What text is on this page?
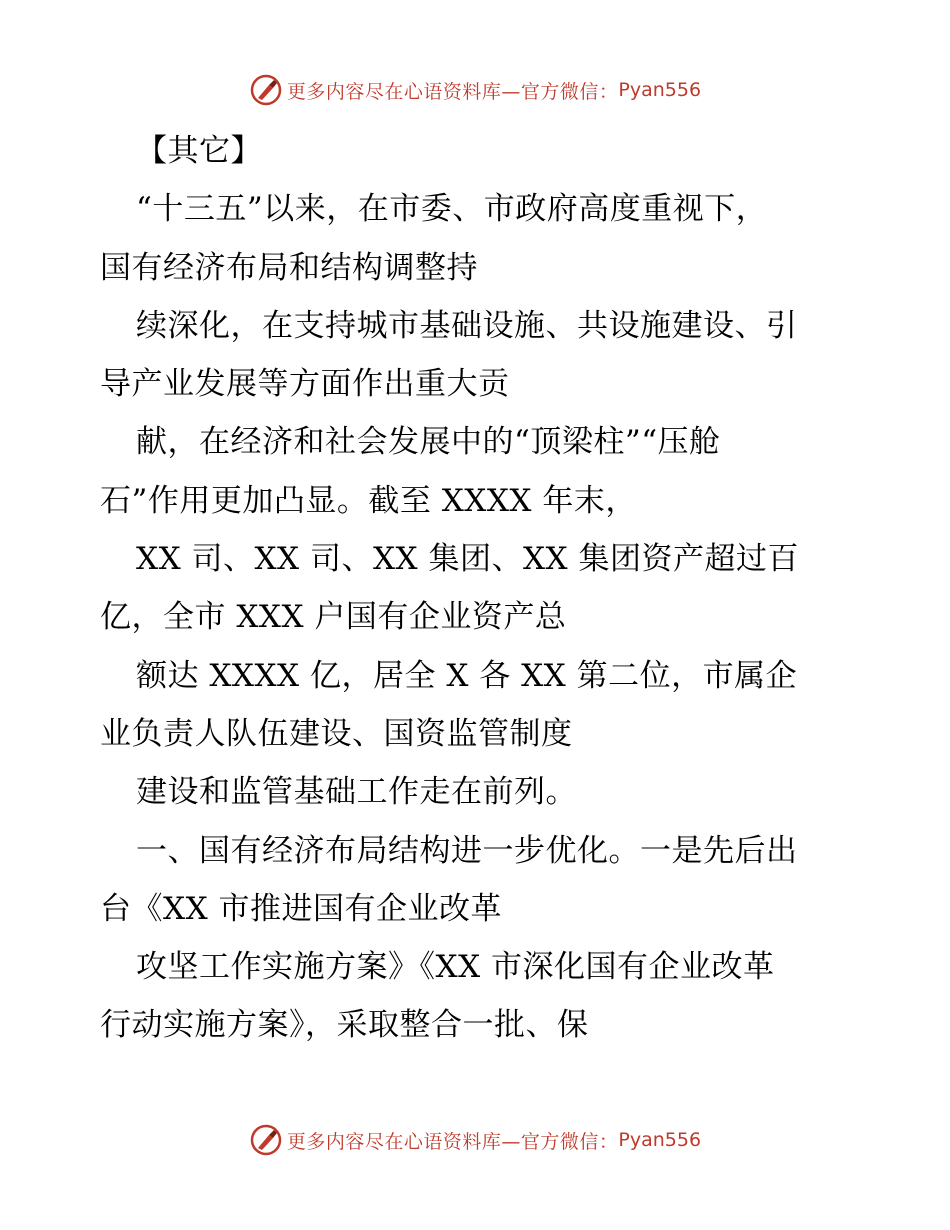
更多内容尽在心语资料库—官方微信： Pyan556
【其它】
“十三五”以来，在市委、市政府高度重视下，
国有经济布局和结构调整持
续深化，在支持城市基础设施、共设施建设、引
导产业发展等方面作出重大贡
献，在经济和社会发展中的“顶梁柱”“压舱
石”作用更加凸显。截至 XXXX 年末，
XX 司、XX 司、XX 集团、XX 集团资产超过百
亿，全市 XXX 户国有企业资产总
额达 XXXX 亿，居全 X 各 XX 第二位，市属企
业负责人队伍建设、国资监管制度
建设和监管基础工作走在前列。
一、国有经济布局结构进一步优化。一是先后出
台《XX 市推进国有企业改革
攻坚工作实施方案》《XX 市深化国有企业改革
行动实施方案》，采取整合一批、保
更多内容尽在心语资料库—官方微信： Pyan556
